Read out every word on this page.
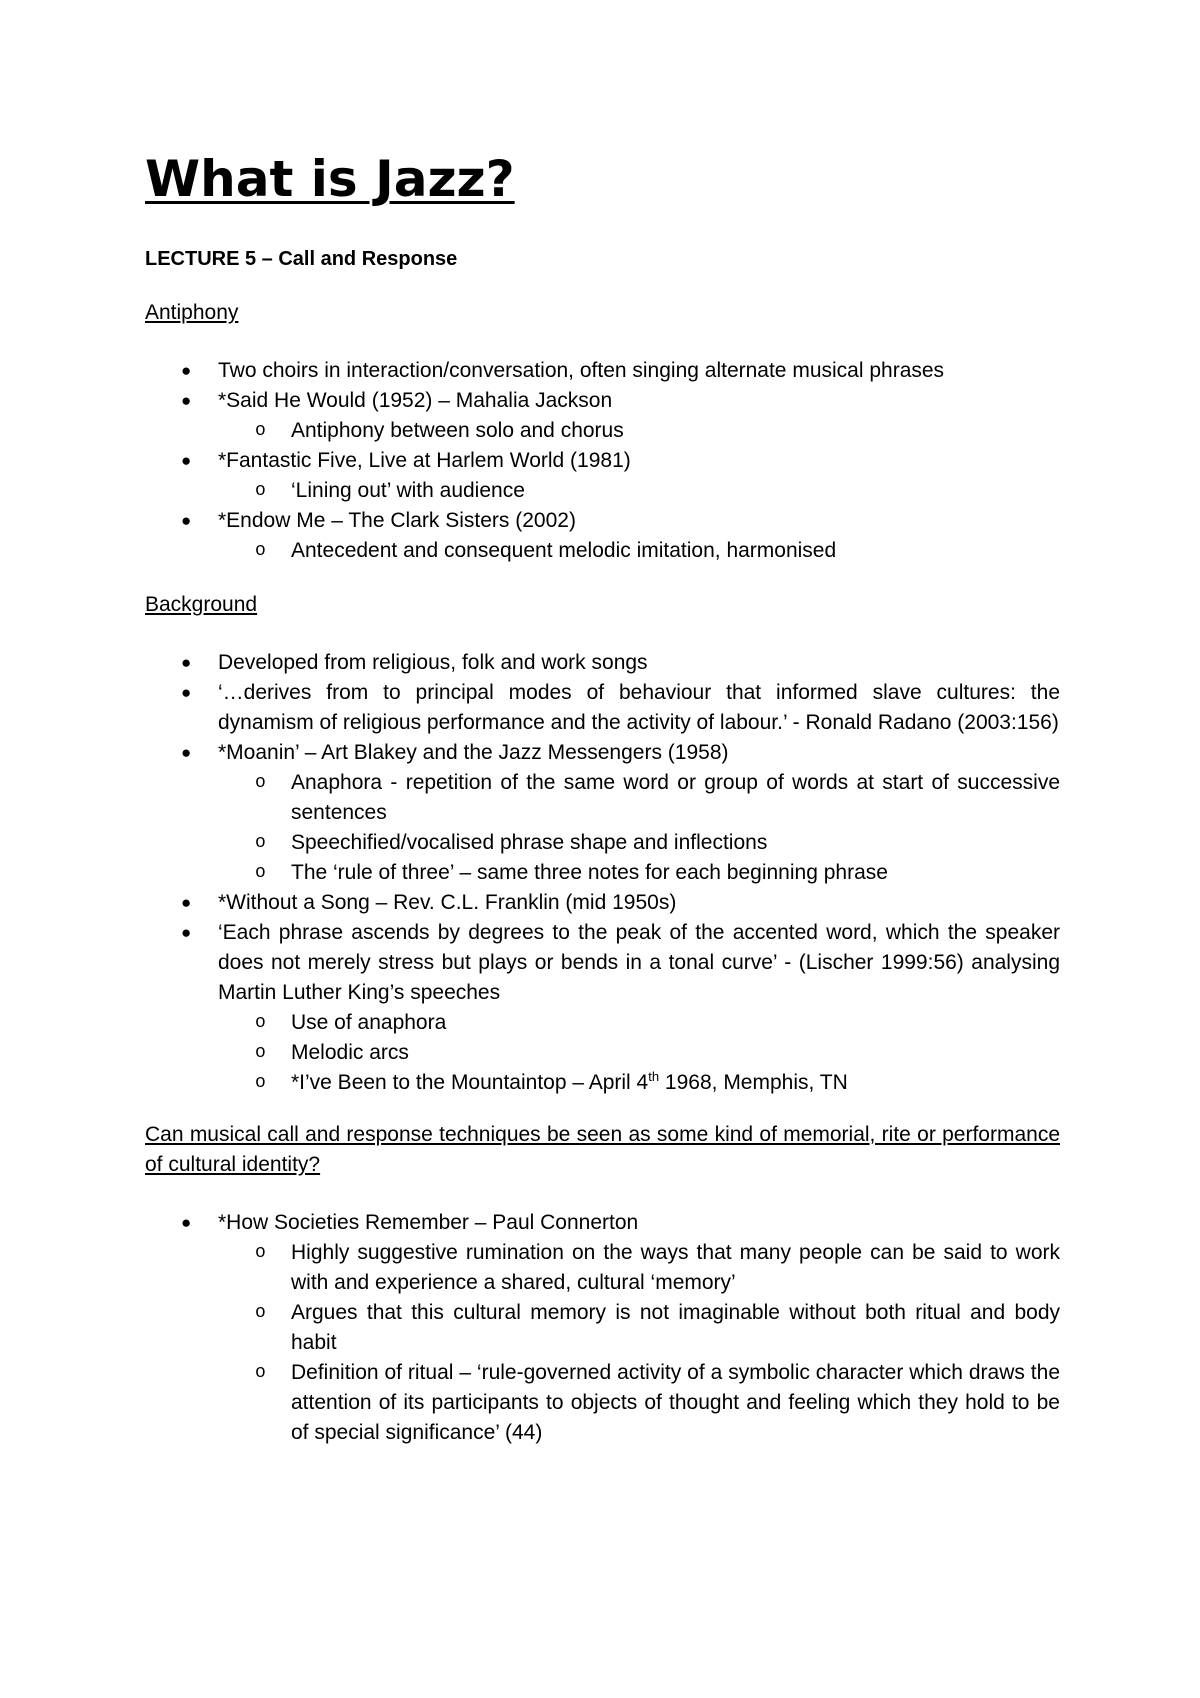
What is Jazz?

LECTURE 5 – Call and Response

Antiphony

● Two choirs in interaction/conversation, often singing alternate musical phrases
● *Said He Would (1952) – Mahalia Jackson
o Antiphony between solo and chorus
● *Fantastic Five, Live at Harlem World (1981)
o ‘Lining out’ with audience
● *Endow Me – The Clark Sisters (2002)
o Antecedent and consequent melodic imitation, harmonised

Background

● Developed from religious, folk and work songs
● ‘…derives from to principal modes of behaviour that informed slave cultures: the dynamism of religious performance and the activity of labour.’ - Ronald Radano (2003:156)
● *Moanin’ – Art Blakey and the Jazz Messengers (1958)
o Anaphora - repetition of the same word or group of words at start of successive sentences
o Speechified/vocalised phrase shape and inflections
o The ‘rule of three’ – same three notes for each beginning phrase
● *Without a Song – Rev. C.L. Franklin (mid 1950s)
● ‘Each phrase ascends by degrees to the peak of the accented word, which the speaker does not merely stress but plays or bends in a tonal curve’ - (Lischer 1999:56) analysing Martin Luther King’s speeches
o Use of anaphora
o Melodic arcs
o *I’ve Been to the Mountaintop – April 4th 1968, Memphis, TN

Can musical call and response techniques be seen as some kind of memorial, rite or performance of cultural identity?

● *How Societies Remember – Paul Connerton
o Highly suggestive rumination on the ways that many people can be said to work with and experience a shared, cultural ‘memory’
o Argues that this cultural memory is not imaginable without both ritual and body habit
o Definition of ritual – ‘rule-governed activity of a symbolic character which draws the attention of its participants to objects of thought and feeling which they hold to be of special significance’ (44)
